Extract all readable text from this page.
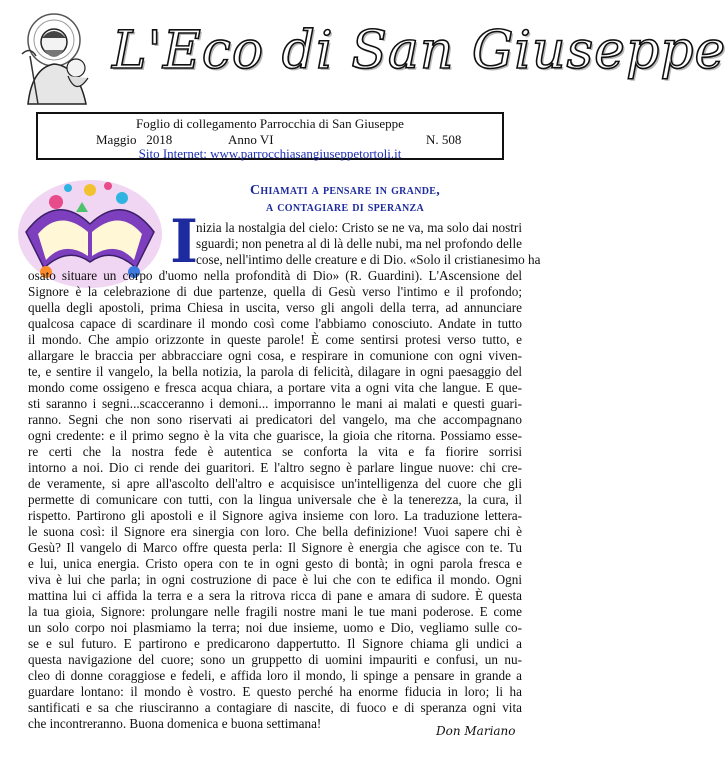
L'Eco di San Giuseppe
Foglio di collegamento Parrocchia di San Giuseppe
Maggio   2018	Anno VI	N. 508
Sito Internet: www.parrocchiasangiuseppetortoli.it
Chiamati a pensare in grande,
a contagiare di speranza
I
nizia la nostalgia del cielo: Cristo se ne va, ma solo dai nostri
sguardi; non penetra al di là delle nubi, ma nel profondo delle
cose, nell'intimo delle creature e di Dio. «Solo il cristianesimo ha
osato situare un corpo d'uomo nella profondità di Dio» (R. Guardini). L'Ascensione del
Signore è la celebrazione di due partenze, quella di Gesù verso l'intimo e il profondo;
quella degli apostoli, prima Chiesa in uscita, verso gli angoli della terra, ad annunciare
qualcosa capace di scardinare il mondo così come l'abbiamo conosciuto. Andate in tutto
il mondo. Che ampio orizzonte in queste parole! È come sentirsi protesi verso tutto, e
allargare le braccia per abbracciare ogni cosa, e respirare in comunione con ogni viven-
te, e sentire il vangelo, la bella notizia, la parola di felicità, dilagare in ogni paesaggio del
mondo come ossigeno e fresca acqua chiara, a portare vita a ogni vita che langue. E que-
sti saranno i segni...scacceranno i demoni... imporranno le mani ai malati e questi guari-
ranno. Segni che non sono riservati ai predicatori del vangelo, ma che accompagnano
ogni credente: e il primo segno è la vita che guarisce, la gioia che ritorna. Possiamo esse-
re certi che la nostra fede è autentica se conforta la vita e fa fiorire sorrisi
intorno a noi. Dio ci rende dei guaritori. E l'altro segno è parlare lingue nuove: chi cre-
de veramente, si apre all'ascolto dell'altro e acquisisce un'intelligenza del cuore che gli
permette di comunicare con tutti, con la lingua universale che è la tenerezza, la cura, il
rispetto. Partirono gli apostoli e il Signore agiva insieme con loro. La traduzione lettera-
le suona così: il Signore era sinergia con loro. Che bella definizione! Vuoi sapere chi è
Gesù? Il vangelo di Marco offre questa perla: Il Signore è energia che agisce con te. Tu
e lui, unica energia. Cristo opera con te in ogni gesto di bontà; in ogni parola fresca e
viva è lui che parla; in ogni costruzione di pace è lui che con te edifica il mondo. Ogni
mattina lui ci affida la terra e a sera la ritrova ricca di pane e amara di sudore. È questa
la tua gioia, Signore: prolungare nelle fragili nostre mani le tue mani poderose. E come
un solo corpo noi plasmiamo la terra; noi due insieme, uomo e Dio, vegliamo sulle co-
se e sul futuro. E partirono e predicarono dappertutto. Il Signore chiama gli undici a
questa navigazione del cuore; sono un gruppetto di uomini impauriti e confusi, un nu-
cleo di donne coraggiose e fedeli, e affida loro il mondo, li spinge a pensare in grande a
guardare lontano: il mondo è vostro. E questo perché ha enorme fiducia in loro; li ha
santificati e sa che riusciranno a contagiare di nascite, di fuoco e di speranza ogni vita
che incontreranno. Buona domenica e buona settimana!	Don Mariano
